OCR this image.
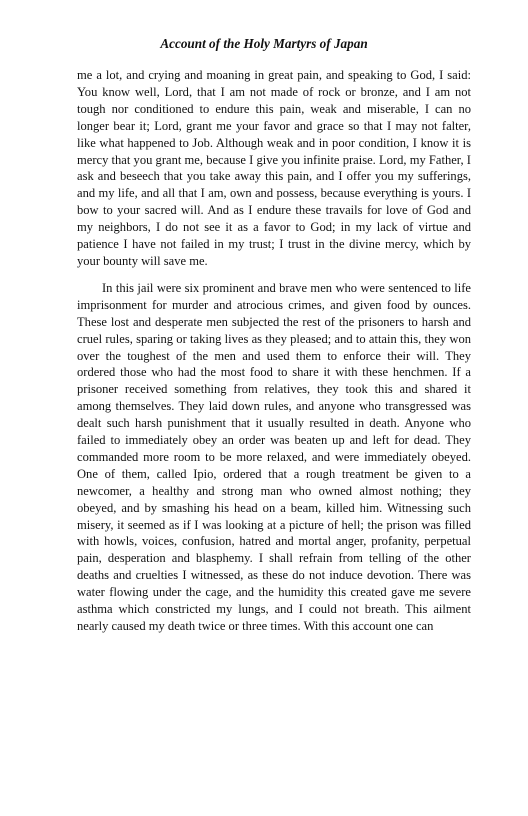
Account of the Holy Martyrs of Japan

me a lot, and crying and moaning in great pain, and speaking to God, I said: You know well, Lord, that I am not made of rock or bronze, and I am not tough nor conditioned to endure this pain, weak and miserable, I can no longer bear it; Lord, grant me your favor and grace so that I may not falter, like what happened to Job. Although weak and in poor condition, I know it is mercy that you grant me, because I give you infinite praise. Lord, my Father, I ask and beseech that you take away this pain, and I offer you my sufferings, and my life, and all that I am, own and possess, because everything is yours. I bow to your sacred will. And as I endure these travails for love of God and my neighbors, I do not see it as a favor to God; in my lack of virtue and patience I have not failed in my trust; I trust in the divine mercy, which by your bounty will save me.

In this jail were six prominent and brave men who were sentenced to life imprisonment for murder and atrocious crimes, and given food by ounces. These lost and desperate men subjected the rest of the prisoners to harsh and cruel rules, sparing or taking lives as they pleased; and to attain this, they won over the toughest of the men and used them to enforce their will. They ordered those who had the most food to share it with these henchmen. If a prisoner received something from relatives, they took this and shared it among themselves. They laid down rules, and anyone who transgressed was dealt such harsh punishment that it usually resulted in death. Anyone who failed to immediately obey an order was beaten up and left for dead. They commanded more room to be more relaxed, and were immediately obeyed. One of them, called Ipio, ordered that a rough treatment be given to a newcomer, a healthy and strong man who owned almost nothing; they obeyed, and by smashing his head on a beam, killed him. Witnessing such misery, it seemed as if I was looking at a picture of hell; the prison was filled with howls, voices, confusion, hatred and mortal anger, profanity, perpetual pain, desperation and blasphemy. I shall refrain from telling of the other deaths and cruelties I witnessed, as these do not induce devotion. There was water flowing under the cage, and the humidity this created gave me severe asthma which constricted my lungs, and I could not breath. This ailment nearly caused my death twice or three times. With this account one can
